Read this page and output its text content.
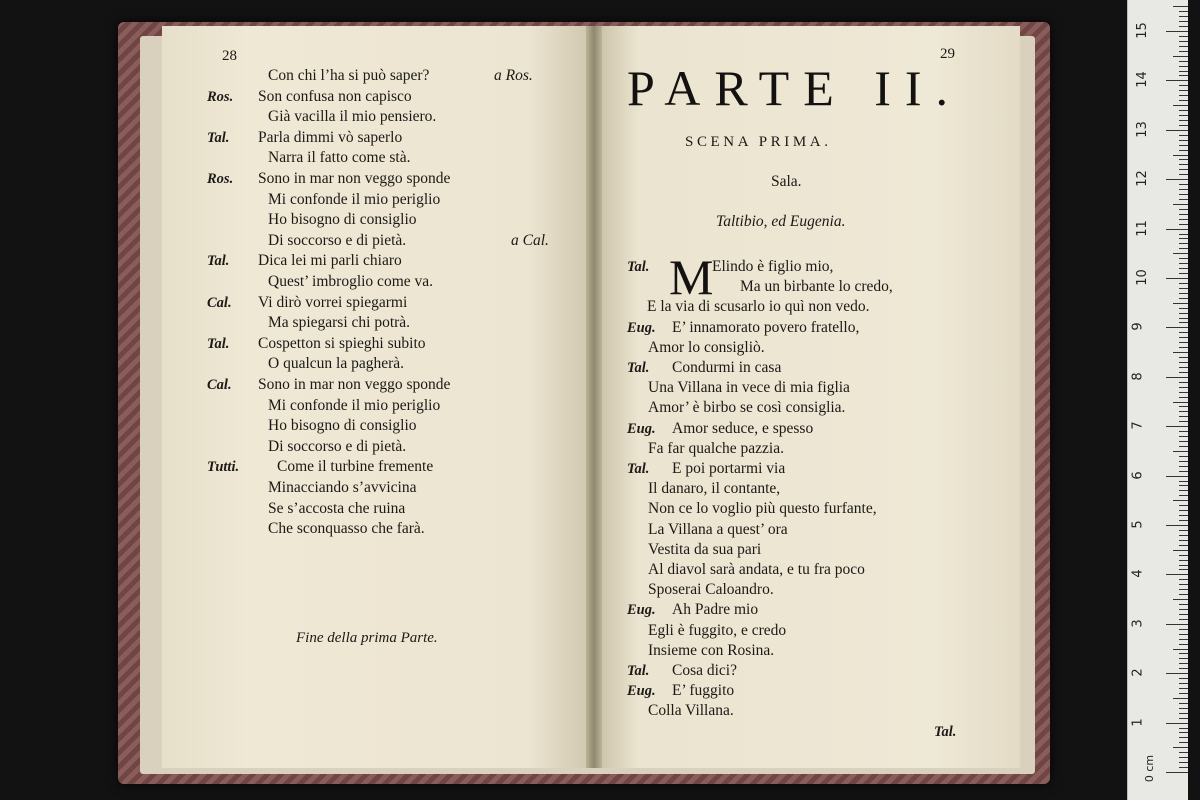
28
Fine della prima Parte.
Con chi l’ha si può saper?	a Ros.
Ros. Son confusa non capisco
Già vacilla il mio pensiero.
Tal. Parla dimmi vò saperlo
Narra il fatto come stà.
Ros. Sono in mar non veggo sponde
Mi confonde il mio periglio
Ho bisogno di consiglio
Di soccorso e di pietà.	a Cal.
Tal. Dica lei mi parli chiaro
Quest’ imbroglio come va.
Cal. Vi dirò vorrei spiegarmi
Ma spiegarsi chi potrà.
Tal. Cospetton si spieghi subito
O qualcun la pagherà.
Cal. Sono in mar non veggo sponde
Mi confonde il mio periglio
Ho bisogno di consiglio
Di soccorso e di pietà.
Tutti. Come il turbine fremente
Minacciando s’avvicina
Se s’accosta che ruina
Che sconquasso che farà.
29
PARTE II.
SCENA PRIMA.
Sala.
Taltibio, ed Eugenia.
M
Tal.
Tal.	Elindo è figlio mio,
Ma un birbante lo credo,
E la via di scusarlo io quì non vedo.
Eug. E’ innamorato povero fratello,
Amor lo consigliò.
Tal. Condurmi in casa
Una Villana in vece di mia figlia
Amor’ è birbo se così consiglia.
Eug. Amor seduce, e spesso
Fa far qualche pazzia.
Tal. E poi portarmi via
Il danaro, il contante,
Non ce lo voglio più questo furfante,
La Villana a quest’ ora
Vestita da sua pari
Al diavol sarà andata, e tu fra poco
Sposerai Caloandro.
Eug. Ah Padre mio
Egli è fuggito, e credo
Insieme con Rosina.
Tal. Cosa dici?
Eug. E’ fuggito
Colla Villana.
0 cm
15
14
13
12
11
10
9
8
7
6
5
4
3
2
1
